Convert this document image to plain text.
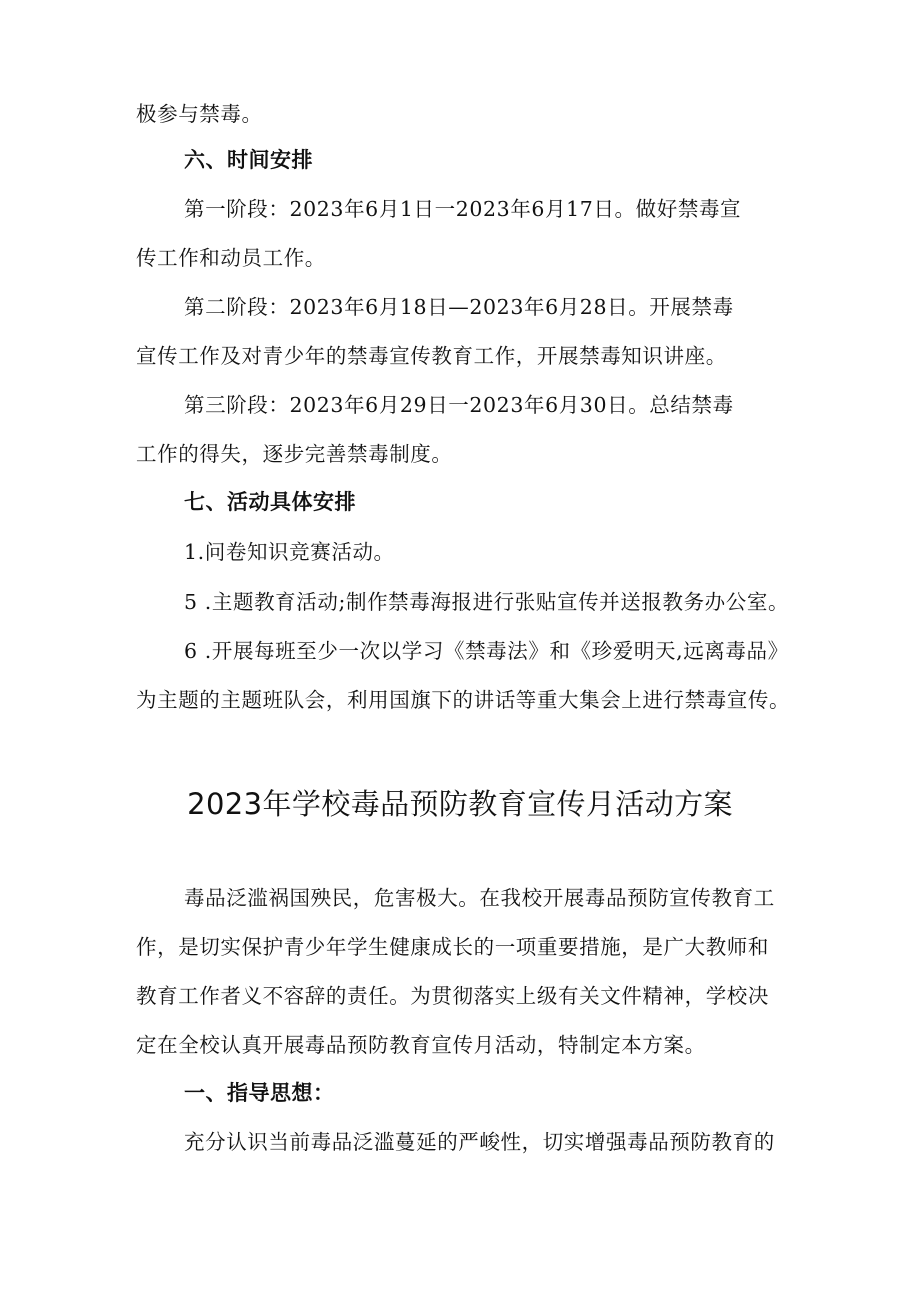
极参与禁毒。
六、时间安排
第一阶段：2023年6月1日一2023年6月17日。做好禁毒宣
传工作和动员工作。
第二阶段：2023年6月18日—2023年6月28日。开展禁毒
宣传工作及对青少年的禁毒宣传教育工作，开展禁毒知识讲座。
第三阶段：2023年6月29日一2023年6月30日。总结禁毒
工作的得失，逐步完善禁毒制度。
七、活动具体安排
1.问卷知识竞赛活动。
5 .主题教育活动;制作禁毒海报进行张贴宣传并送报教务办公室。
6 .开展每班至少一次以学习《禁毒法》和《珍爱明天,远离毒品》
为主题的主题班队会，利用国旗下的讲话等重大集会上进行禁毒宣传。
2023年学校毒品预防教育宣传月活动方案
毒品泛滥祸国殃民，危害极大。在我校开展毒品预防宣传教育工
作，是切实保护青少年学生健康成长的一项重要措施，是广大教师和
教育工作者义不容辞的责任。为贯彻落实上级有关文件精神，学校决
定在全校认真开展毒品预防教育宣传月活动，特制定本方案。
一、指导思想：
充分认识当前毒品泛滥蔓延的严峻性，切实增强毒品预防教育的
